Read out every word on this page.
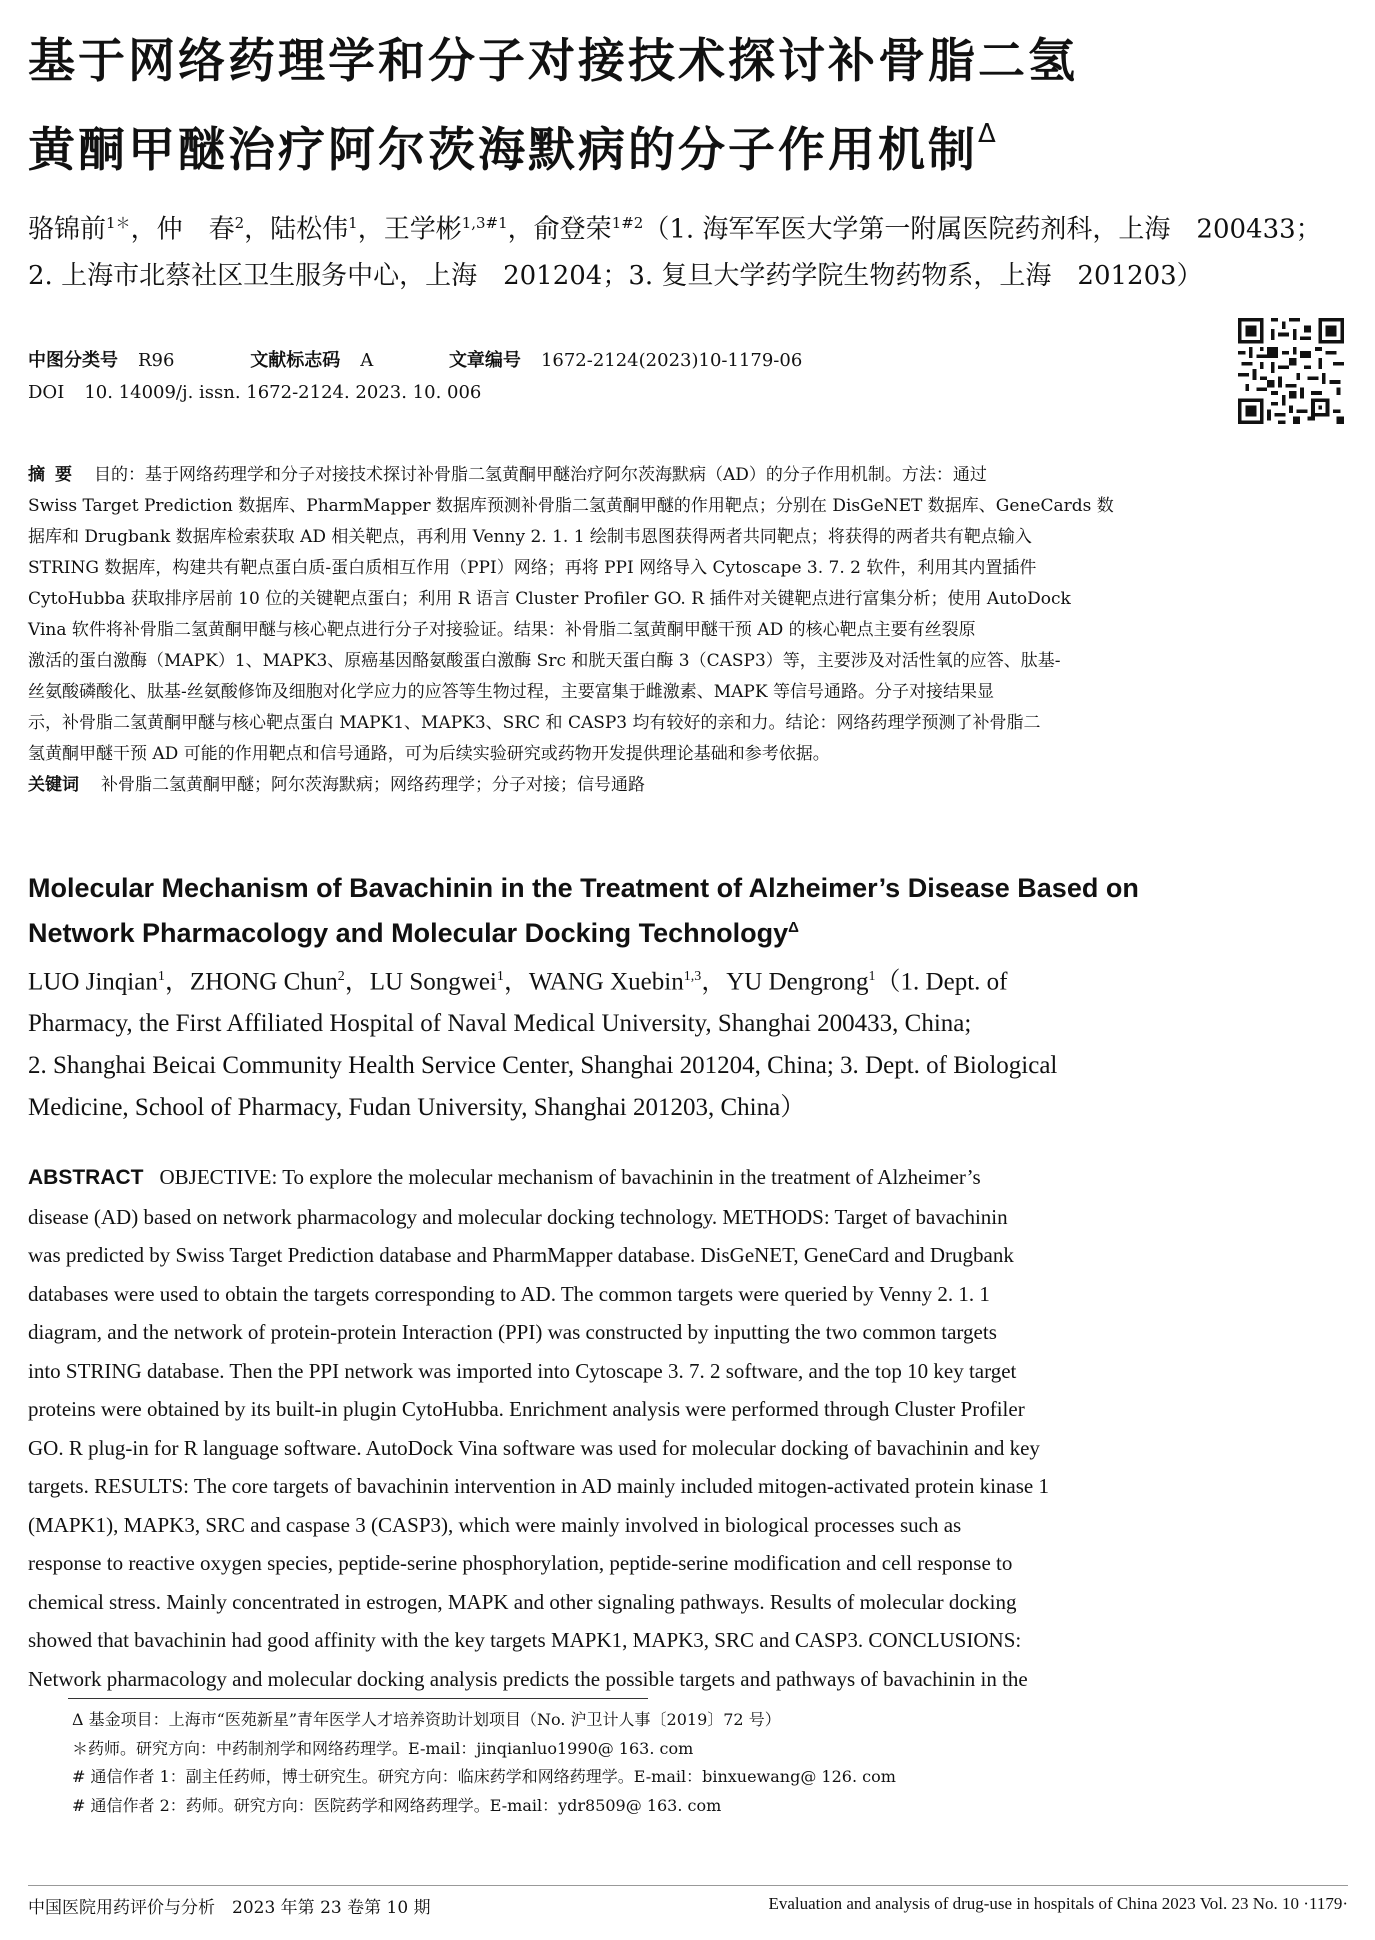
基于网络药理学和分子对接技术探讨补骨脂二氢
黄酮甲醚治疗阿尔茨海默病的分子作用机制$^\Delta$
骆锦前$^{1*}$，仲　春$^2$，陆松伟$^1$，王学彬$^{1,3\#1}$，俞登荣$^{1\#2}$（1. 海军军医大学第一附属医院药剂科，上海　200433；
2. 上海市北蔡社区卫生服务中心，上海　201204；3. 复旦大学药学院生物药物系，上海　201203）
中图分类号 R96	文献标志码 A	文章编号 1672-2124(2023)10-1179-06
DOI 10. 14009/j. issn. 1672-2124. 2023. 10. 006
摘要 目的：基于网络药理学和分子对接技术探讨补骨脂二氢黄酮甲醚治疗阿尔茨海默病（AD）的分子作用机制。方法：通过
Swiss Target Prediction 数据库、PharmMapper 数据库预测补骨脂二氢黄酮甲醚的作用靶点；分别在 DisGeNET 数据库、GeneCards 数
据库和 Drugbank 数据库检索获取 AD 相关靶点，再利用 Venny 2. 1. 1 绘制韦恩图获得两者共同靶点；将获得的两者共有靶点输入
STRING 数据库，构建共有靶点蛋白质-蛋白质相互作用（PPI）网络；再将 PPI 网络导入 Cytoscape 3. 7. 2 软件，利用其内置插件
CytoHubba 获取排序居前 10 位的关键靶点蛋白；利用 R 语言 Cluster Profiler GO. R 插件对关键靶点进行富集分析；使用 AutoDock
Vina 软件将补骨脂二氢黄酮甲醚与核心靶点进行分子对接验证。结果：补骨脂二氢黄酮甲醚干预 AD 的核心靶点主要有丝裂原
激活的蛋白激酶（MAPK）1、MAPK3、原癌基因酪氨酸蛋白激酶 Src 和胱天蛋白酶 3（CASP3）等，主要涉及对活性氧的应答、肽基-
丝氨酸磷酸化、肽基-丝氨酸修饰及细胞对化学应力的应答等生物过程，主要富集于雌激素、MAPK 等信号通路。分子对接结果显
示，补骨脂二氢黄酮甲醚与核心靶点蛋白 MAPK1、MAPK3、SRC 和 CASP3 均有较好的亲和力。结论：网络药理学预测了补骨脂二
氢黄酮甲醚干预 AD 可能的作用靶点和信号通路，可为后续实验研究或药物开发提供理论基础和参考依据。
关键词 补骨脂二氢黄酮甲醚；阿尔茨海默病；网络药理学；分子对接；信号通路
Molecular Mechanism of Bavachinin in the Treatment of Alzheimer’s Disease Based on
Network Pharmacology and Molecular Docking Technology$^\Delta$
LUO Jinqian$^1$，ZHONG Chun$^2$，LU Songwei$^1$，WANG Xuebin$^{1,3}$，YU Dengrong$^1$（1. Dept. of
Pharmacy, the First Affiliated Hospital of Naval Medical University, Shanghai 200433, China;
2. Shanghai Beicai Community Health Service Center, Shanghai 201204, China; 3. Dept. of Biological
Medicine, School of Pharmacy, Fudan University, Shanghai 201203, China）
ABSTRACT OBJECTIVE: To explore the molecular mechanism of bavachinin in the treatment of Alzheimer’s
disease (AD) based on network pharmacology and molecular docking technology. METHODS: Target of bavachinin
was predicted by Swiss Target Prediction database and PharmMapper database. DisGeNET, GeneCard and Drugbank
databases were used to obtain the targets corresponding to AD. The common targets were queried by Venny 2. 1. 1
diagram, and the network of protein-protein Interaction (PPI) was constructed by inputting the two common targets
into STRING database. Then the PPI network was imported into Cytoscape 3. 7. 2 software, and the top 10 key target
proteins were obtained by its built-in plugin CytoHubba. Enrichment analysis were performed through Cluster Profiler
GO. R plug-in for R language software. AutoDock Vina software was used for molecular docking of bavachinin and key
targets. RESULTS: The core targets of bavachinin intervention in AD mainly included mitogen-activated protein kinase 1
(MAPK1), MAPK3, SRC and caspase 3 (CASP3), which were mainly involved in biological processes such as
response to reactive oxygen species, peptide-serine phosphorylation, peptide-serine modification and cell response to
chemical stress. Mainly concentrated in estrogen, MAPK and other signaling pathways. Results of molecular docking
showed that bavachinin had good affinity with the key targets MAPK1, MAPK3, SRC and CASP3. CONCLUSIONS:
Network pharmacology and molecular docking analysis predicts the possible targets and pathways of bavachinin in the
Δ 基金项目：上海市“医苑新星”青年医学人才培养资助计划项目（No. 沪卫计人事〔2019〕72 号）
＊药师。研究方向：中药制剂学和网络药理学。E-mail：jinqianluo1990@ 163. com
# 通信作者 1：副主任药师，博士研究生。研究方向：临床药学和网络药理学。E-mail：binxuewang@ 126. com
# 通信作者 2：药师。研究方向：医院药学和网络药理学。E-mail：ydr8509@ 163. com
中国医院用药评价与分析　2023 年第 23 卷第 10 期	Evaluation and analysis of drug-use in hospitals of China 2023 Vol. 23 No. 10 ·1179·
